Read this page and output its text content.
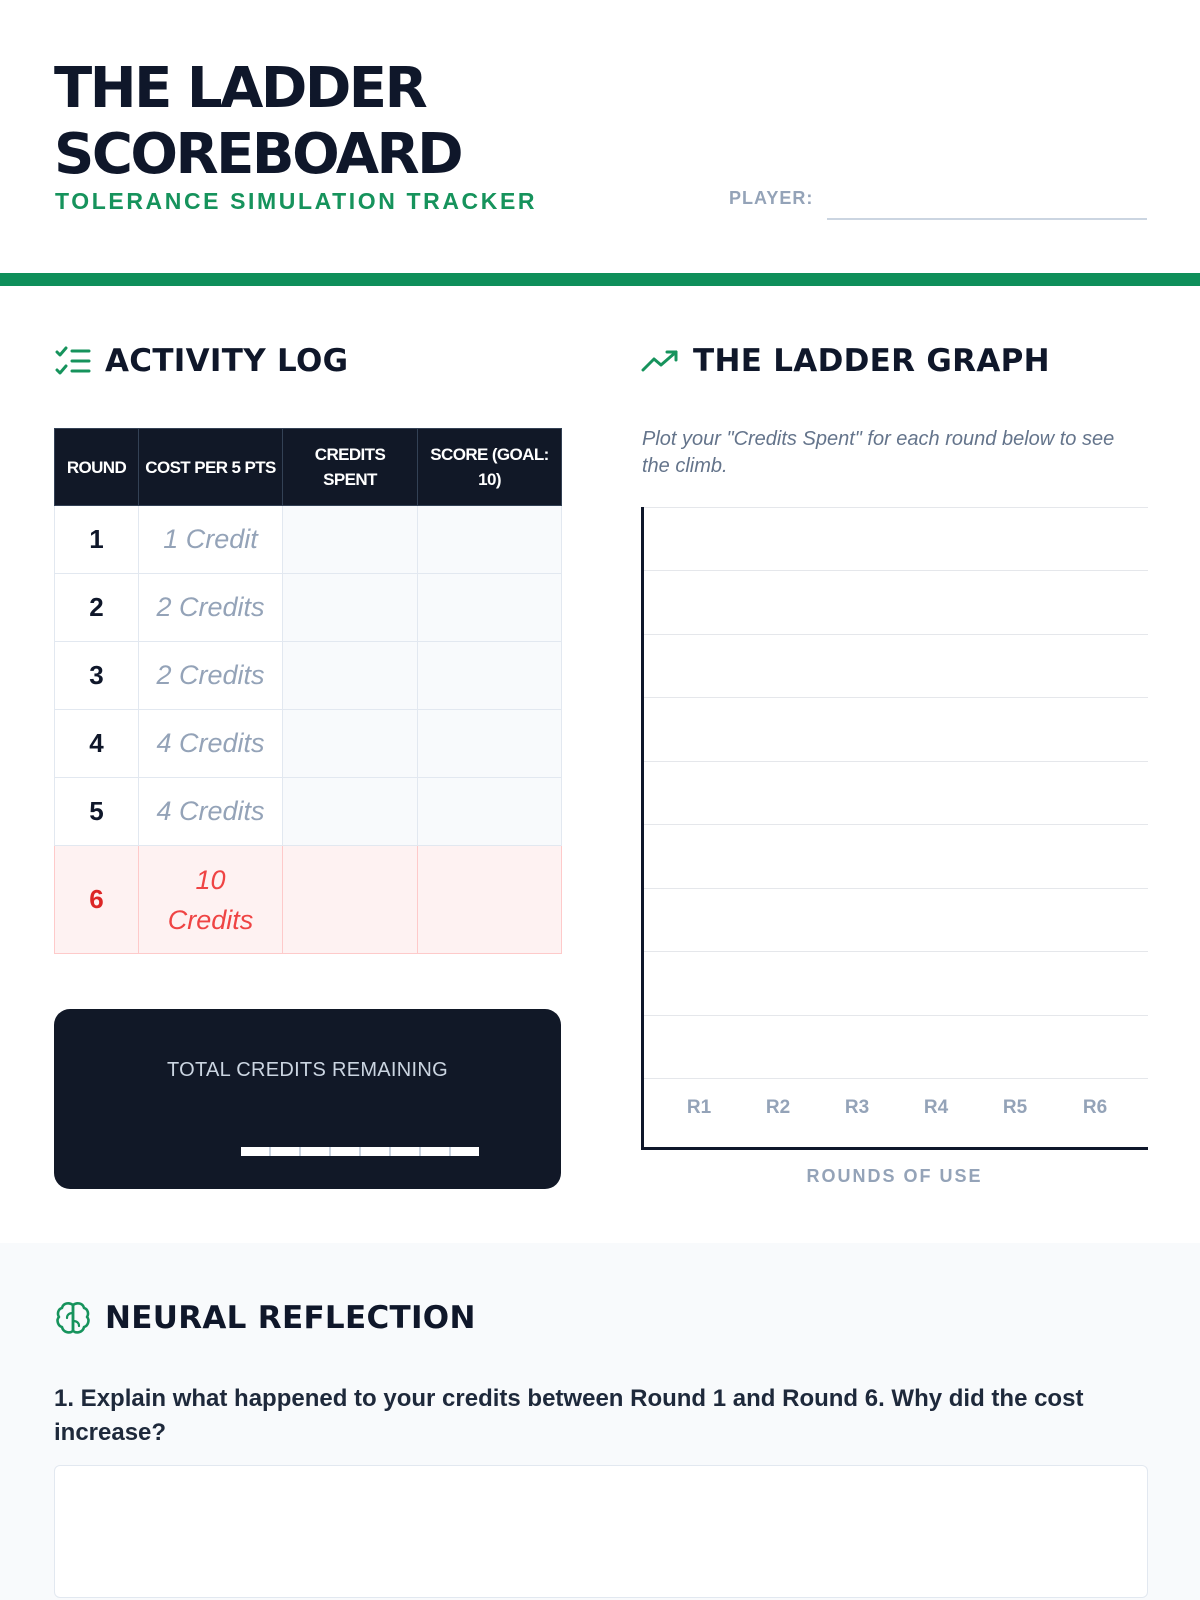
THE LADDER
SCOREBOARD
TOLERANCE SIMULATION TRACKER	PLAYER:
ACTIVITY LOG
ROUND	COST PER 5 PTS	CREDITS SPENT	SCORE (GOAL: 10)
1	1 Credit		
2	2 Credits		
3	2 Credits		
4	4 Credits		
5	4 Credits		
6	10 Credits		
TOTAL CREDITS REMAINING
THE LADDER GRAPH
Plot your "Credits Spent" for each round below to see the climb.
R1	R2	R3	R4	R5	R6
ROUNDS OF USE
NEURAL REFLECTION
1. Explain what happened to your credits between Round 1 and Round 6. Why did the cost increase?
